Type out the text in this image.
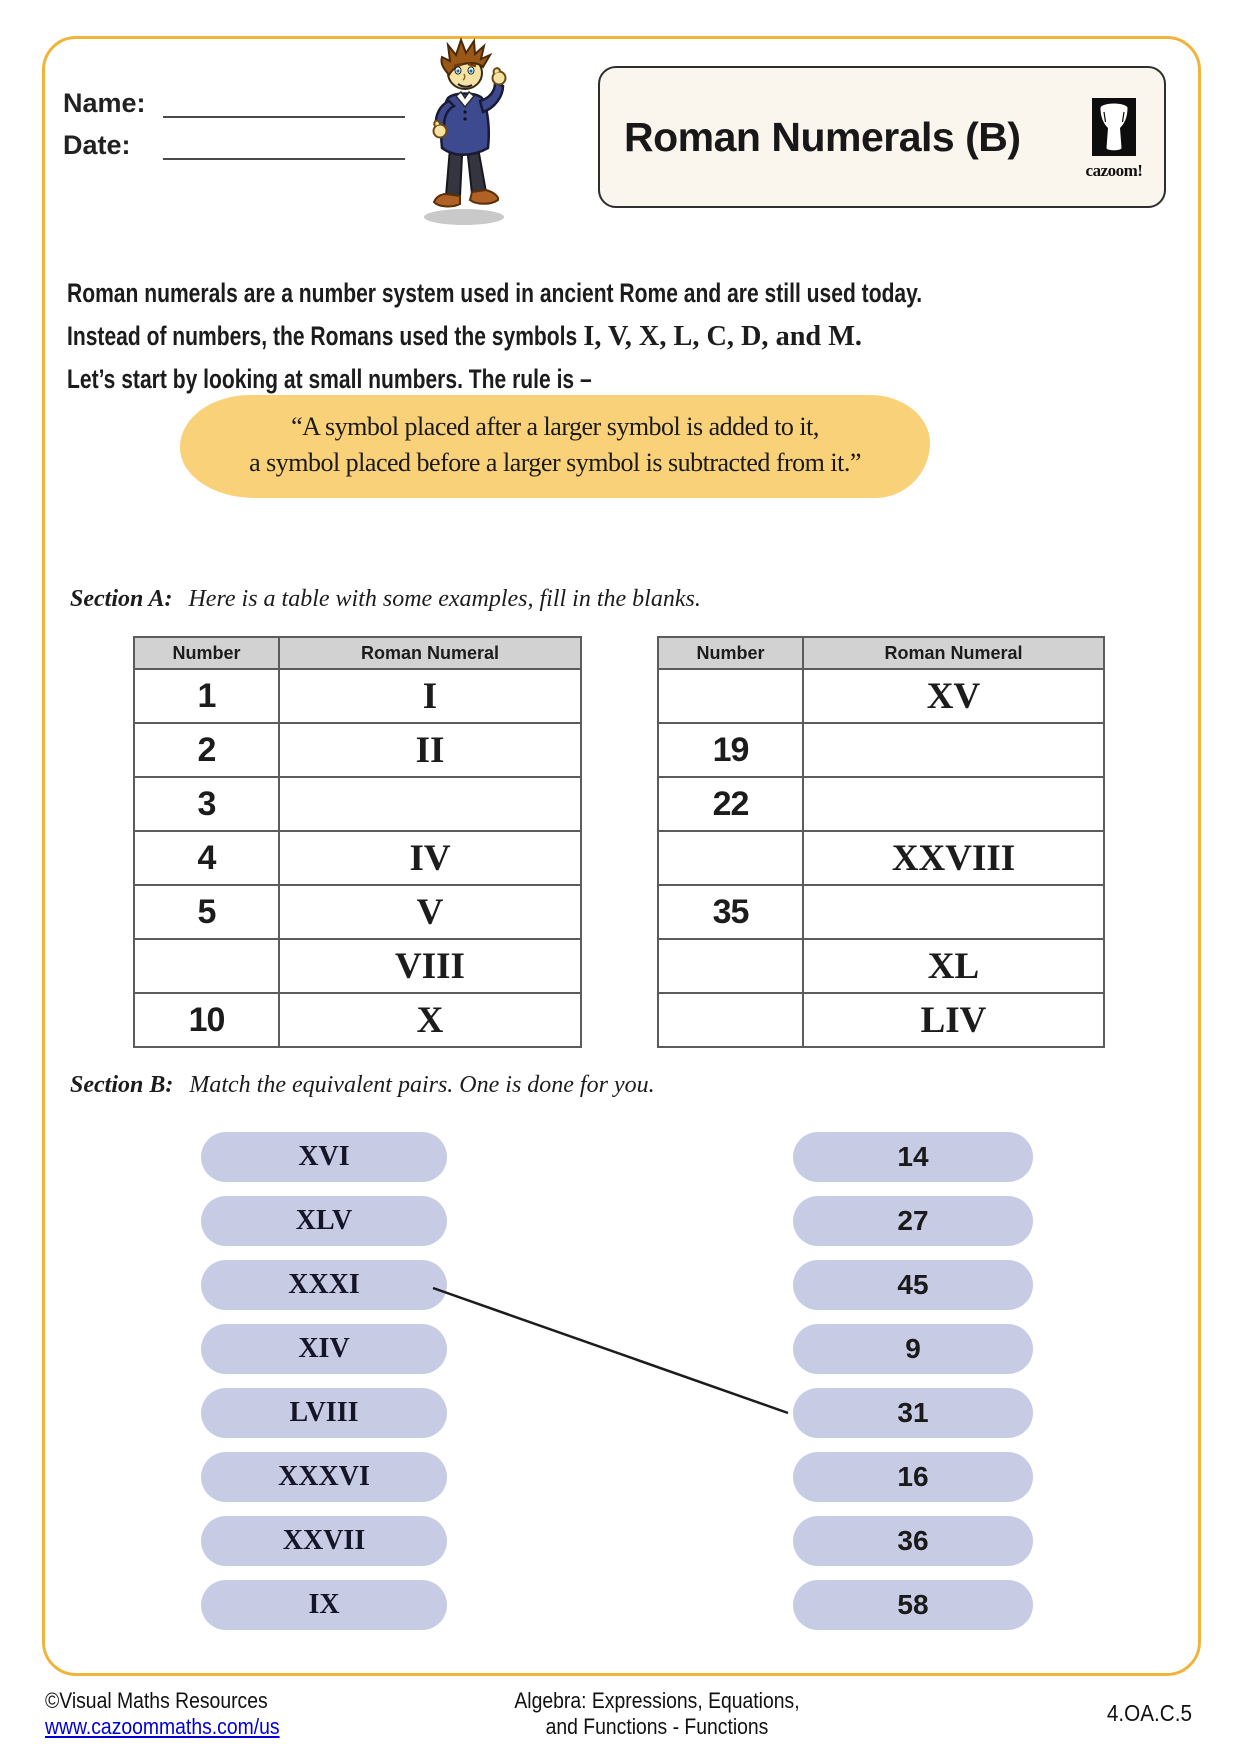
Name:
Date:	Roman Numerals (B)
cazoom!
Roman numerals are a number system used in ancient Rome and are still used today.
Instead of numbers, the Romans used the symbols I, V, X, L, C, D, and M.
Let’s start by looking at small numbers. The rule is –
“A symbol placed after a larger symbol is added to it,
a symbol placed before a larger symbol is subtracted from it.”
Section A: Here is a table with some examples, fill in the blanks.
Number	Roman Numeral
1	I
2	II
3	
4	IV
5	V
	VIII
10	X
Number	Roman Numeral
	XV
19	
22	
	XXVIII
35	
	XL
	LIV
Section B: Match the equivalent pairs. One is done for you.
XVI
XLV
XXXI
XIV
LVIII
XXXVI
XXVII
IX
14
27
45
9
31
16
36
58
©Visual Maths Resources
www.cazoommaths.com/us
Algebra: Expressions, Equations,
and Functions - Functions
4.OA.C.5
